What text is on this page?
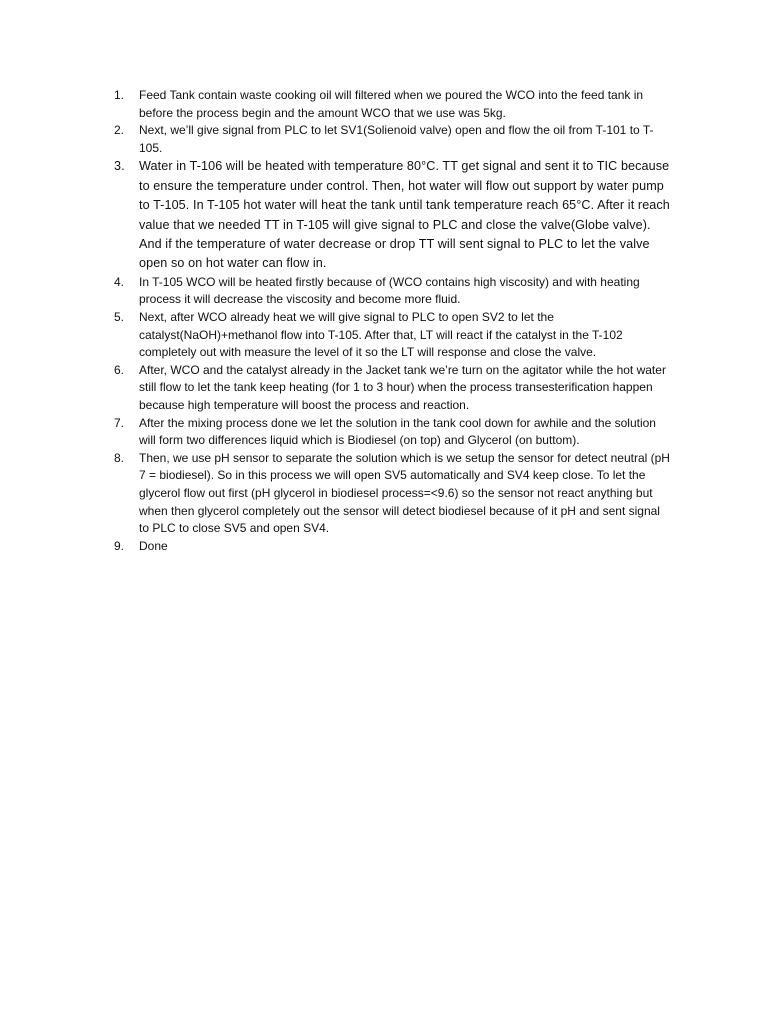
1.	Feed Tank contain waste cooking oil will filtered when we poured the WCO into the feed tank in before the process begin and the amount WCO that we use was 5kg.
2.	Next, we’ll give signal from PLC to let SV1(Solienoid valve) open and flow the oil from T-101 to T-105.
3.	Water in T-106 will be heated with temperature 80°C. TT get signal and sent it to TIC because to ensure the temperature under control. Then, hot water will flow out support by water pump to T-105. In T-105 hot water will heat the tank until tank temperature reach 65°C. After it reach value that we needed TT in T-105 will give signal to PLC and close the valve(Globe valve). And if the temperature of water decrease or drop TT will sent signal to PLC to let the valve open so on hot water can flow in.
4.	In T-105 WCO will be heated firstly because of (WCO contains high viscosity) and with heating process it will decrease the viscosity and become more fluid.
5.	Next, after WCO already heat we will give signal to PLC to open SV2 to let the catalyst(NaOH)+methanol flow into T-105. After that, LT will react if the catalyst in the T-102 completely out with measure the level of it so the LT will response and close the valve.
6.	After, WCO and the catalyst already in the Jacket tank we’re turn on the agitator while the hot water still flow to let the tank keep heating (for 1 to 3 hour) when the process transesterification happen because high temperature will boost the process and reaction.
7.	After the mixing process done we let the solution in the tank cool down for awhile and the solution will form two differences liquid which is Biodiesel (on top) and Glycerol (on buttom).
8.	Then, we use pH sensor to separate the solution which is we setup the sensor for detect neutral (pH 7 = biodiesel). So in this process we will open SV5 automatically and SV4 keep close. To let the glycerol flow out first (pH glycerol in biodiesel process=<9.6) so the sensor not react anything but when then glycerol completely out the sensor will detect biodiesel because of it pH and sent signal to PLC to close SV5 and open SV4.
9.	Done
